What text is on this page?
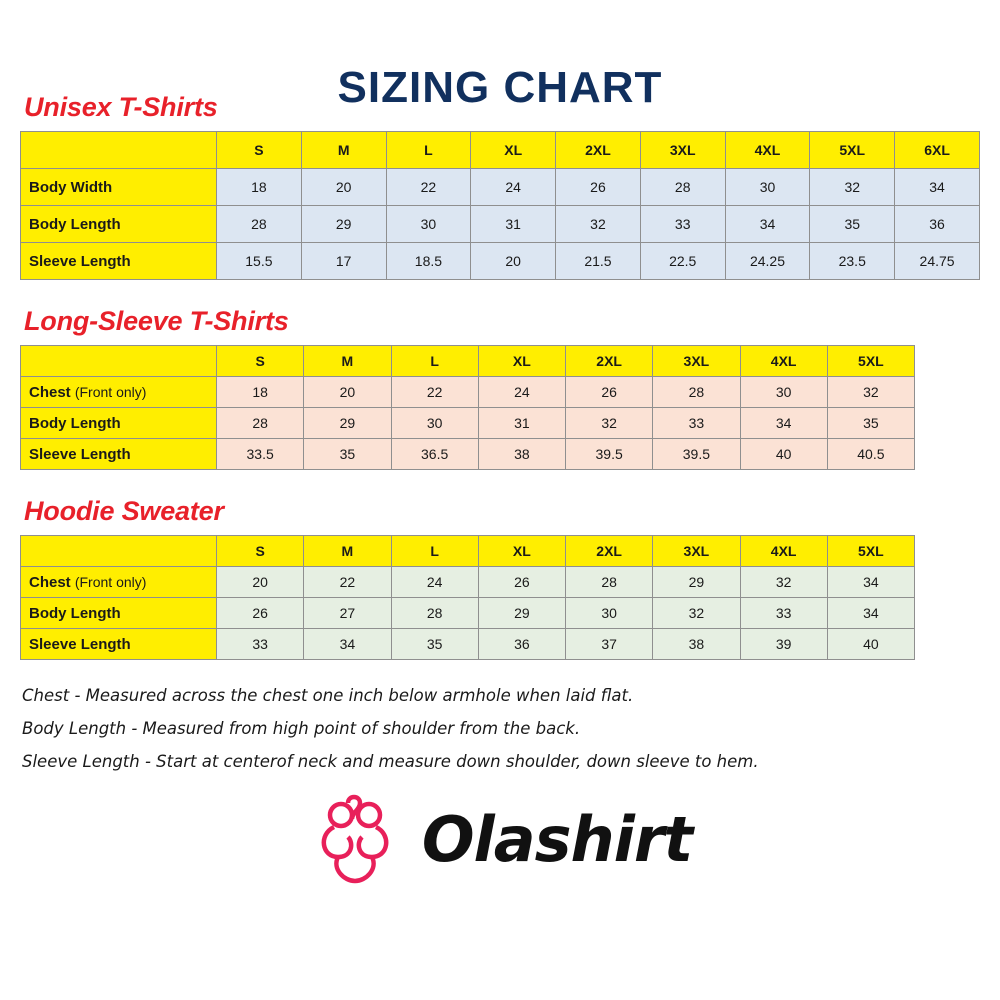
SIZING CHART
Unisex T-Shirts
	S	M	L	XL	2XL	3XL	4XL	5XL	6XL
Body Width	18	20	22	24	26	28	30	32	34
Body Length	28	29	30	31	32	33	34	35	36
Sleeve Length	15.5	17	18.5	20	21.5	22.5	24.25	23.5	24.75
Long-Sleeve T-Shirts
	S	M	L	XL	2XL	3XL	4XL	5XL
Chest (Front only)	18	20	22	24	26	28	30	32
Body Length	28	29	30	31	32	33	34	35
Sleeve Length	33.5	35	36.5	38	39.5	39.5	40	40.5
Hoodie Sweater
	S	M	L	XL	2XL	3XL	4XL	5XL
Chest (Front only)	20	22	24	26	28	29	32	34
Body Length	26	27	28	29	30	32	33	34
Sleeve Length	33	34	35	36	37	38	39	40
Chest - Measured across the chest one inch below armhole when laid flat.
Body Length - Measured from high point of shoulder from the back.
Sleeve Length - Start at centerof neck and measure down shoulder, down sleeve to hem.
Olashirt
